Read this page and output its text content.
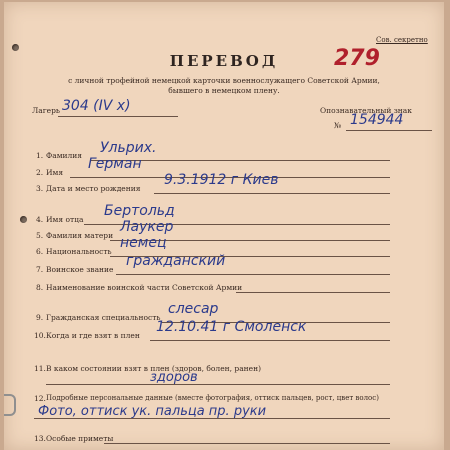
Сов. секретно
ПЕРЕВОД	279
с личной трофейной немецкой карточки военнослужащего Советской Армии,
бывшего в немецком плену.
Лагерь 304 (IV x)	Опознавательный знак
№ 154944
1. Фамилия Ульрих.
2. Имя
Герман
3. Дата и место рождения
9.3.1912 г Киев
4. Имя отца
Бертольд
5. Фамилия матери
Лаукер
6. Национальность
немец
7. Воинское звание
гражданский
8. Наименование воинской части Советской Армии
9. Гражданская специальность
слесар
10. Когда и где взят в плен
12.10.41 г Смоленск
11. В каком состоянии взят в плен (здоров, болен, ранен)
здоров
12. Подробные персональные данные (вместе фотография, оттиск пальцев, рост, цвет волос)
Фото, оттиск ук. пальца пр. руки
13. Особые приметы
